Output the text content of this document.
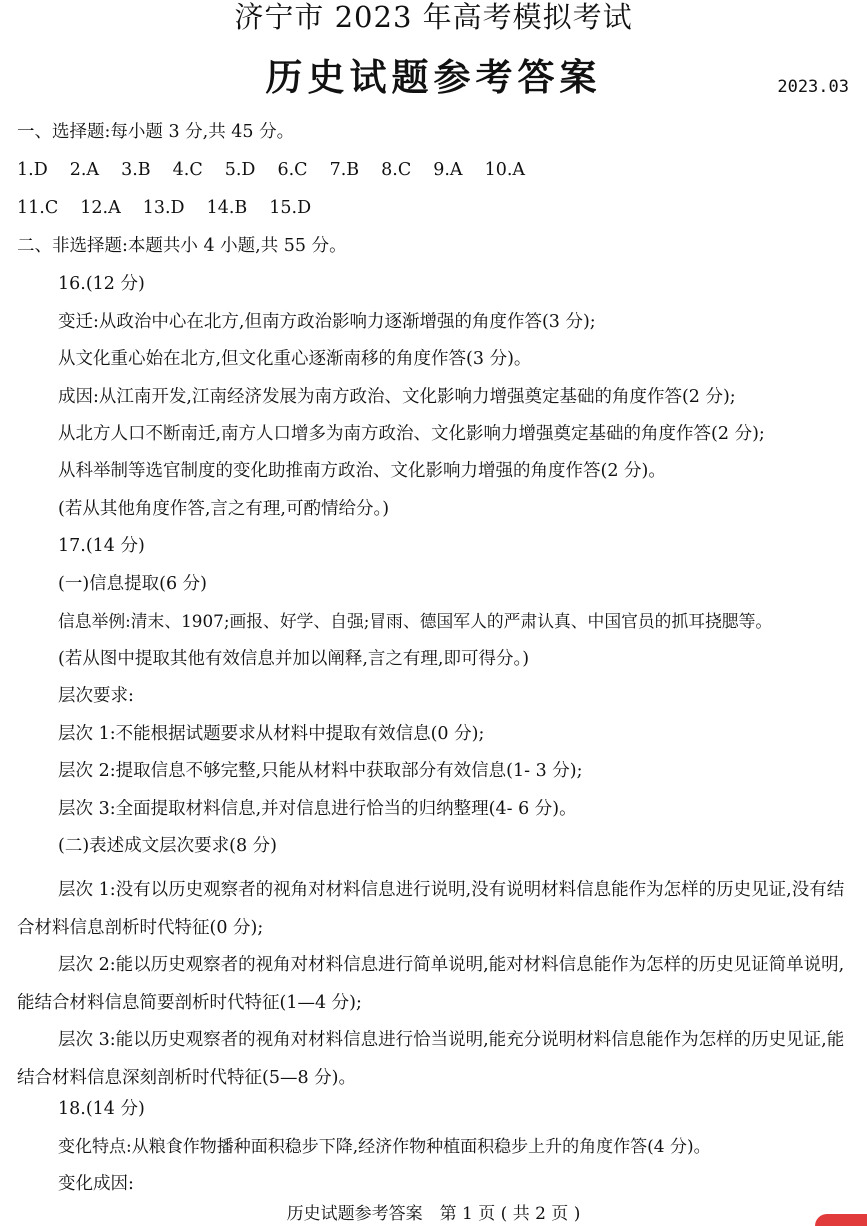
济宁市 2023 年高考模拟考试
历史试题参考答案	2023.03
一、选择题:每小题 3 分,共 45 分。
1.D 2.A 3.B 4.C 5.D 6.C 7.B 8.C 9.A 10.A
11.C 12.A 13.D 14.B 15.D
二、非选择题:本题共小 4 小题,共 55 分。
16.(12 分)
变迁:从政治中心在北方,但南方政治影响力逐渐增强的角度作答(3 分);
从文化重心始在北方,但文化重心逐渐南移的角度作答(3 分)。
成因:从江南开发,江南经济发展为南方政治、文化影响力增强奠定基础的角度作答(2 分);
从北方人口不断南迁,南方人口增多为南方政治、文化影响力增强奠定基础的角度作答(2 分);
从科举制等选官制度的变化助推南方政治、文化影响力增强的角度作答(2 分)。
(若从其他角度作答,言之有理,可酌情给分。)
17.(14 分)
(一)信息提取(6 分)
信息举例:清末、1907;画报、好学、自强;冒雨、德国军人的严肃认真、中国官员的抓耳挠腮等。
(若从图中提取其他有效信息并加以阐释,言之有理,即可得分。)
层次要求:
层次 1:不能根据试题要求从材料中提取有效信息(0 分);
层次 2:提取信息不够完整,只能从材料中获取部分有效信息(1- 3 分);
层次 3:全面提取材料信息,并对信息进行恰当的归纳整理(4- 6 分)。
(二)表述成文层次要求(8 分)
层次 1:没有以历史观察者的视角对材料信息进行说明,没有说明材料信息能作为怎样的历史见证,没有结合材料信息剖析时代特征(0 分);
层次 2:能以历史观察者的视角对材料信息进行简单说明,能对材料信息能作为怎样的历史见证简单说明,能结合材料信息简要剖析时代特征(1—4 分);
层次 3:能以历史观察者的视角对材料信息进行恰当说明,能充分说明材料信息能作为怎样的历史见证,能结合材料信息深刻剖析时代特征(5—8 分)。
18.(14 分)
变化特点:从粮食作物播种面积稳步下降,经济作物种植面积稳步上升的角度作答(4 分)。
变化成因:
历史试题参考答案　第 1 页 ( 共 2 页 )
